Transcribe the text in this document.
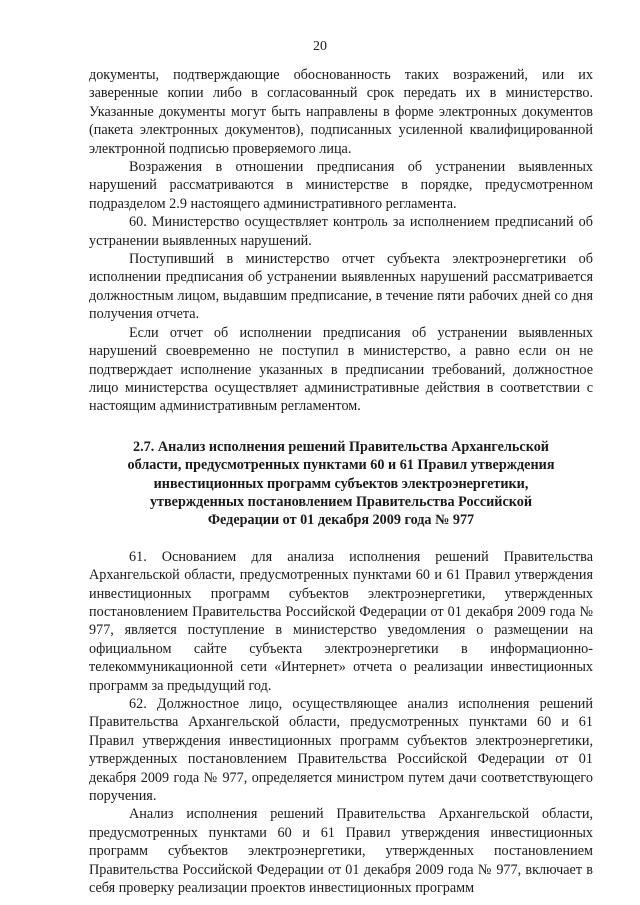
20

документы, подтверждающие обоснованность таких возражений, или их заверенные копии либо в согласованный срок передать их в министерство. Указанные документы могут быть направлены в форме электронных документов (пакета электронных документов), подписанных усиленной квалифицированной электронной подписью проверяемого лица.

Возражения в отношении предписания об устранении выявленных нарушений рассматриваются в министерстве в порядке, предусмотренном подразделом 2.9 настоящего административного регламента.

60. Министерство осуществляет контроль за исполнением предписаний об устранении выявленных нарушений.

Поступивший в министерство отчет субъекта электроэнергетики об исполнении предписания об устранении выявленных нарушений рассматривается должностным лицом, выдавшим предписание, в течение пяти рабочих дней со дня получения отчета.

Если отчет об исполнении предписания об устранении выявленных нарушений своевременно не поступил в министерство, а равно если он не подтверждает исполнение указанных в предписании требований, должностное лицо министерства осуществляет административные действия в соответствии с настоящим административным регламентом.

2.7. Анализ исполнения решений Правительства Архангельской области, предусмотренных пунктами 60 и 61 Правил утверждения инвестиционных программ субъектов электроэнергетики, утвержденных постановлением Правительства Российской Федерации от 01 декабря 2009 года № 977

61. Основанием для анализа исполнения решений Правительства Архангельской области, предусмотренных пунктами 60 и 61 Правил утверждения инвестиционных программ субъектов электроэнергетики, утвержденных постановлением Правительства Российской Федерации от 01 декабря 2009 года № 977, является поступление в министерство уведомления о размещении на официальном сайте субъекта электроэнергетики в информационно-телекоммуникационной сети «Интернет» отчета о реализации инвестиционных программ за предыдущий год.

62. Должностное лицо, осуществляющее анализ исполнения решений Правительства Архангельской области, предусмотренных пунктами 60 и 61 Правил утверждения инвестиционных программ субъектов электроэнергетики, утвержденных постановлением Правительства Российской Федерации от 01 декабря 2009 года № 977, определяется министром путем дачи соответствующего поручения.

Анализ исполнения решений Правительства Архангельской области, предусмотренных пунктами 60 и 61 Правил утверждения инвестиционных программ субъектов электроэнергетики, утвержденных постановлением Правительства Российской Федерации от 01 декабря 2009 года № 977, включает в себя проверку реализации проектов инвестиционных программ
